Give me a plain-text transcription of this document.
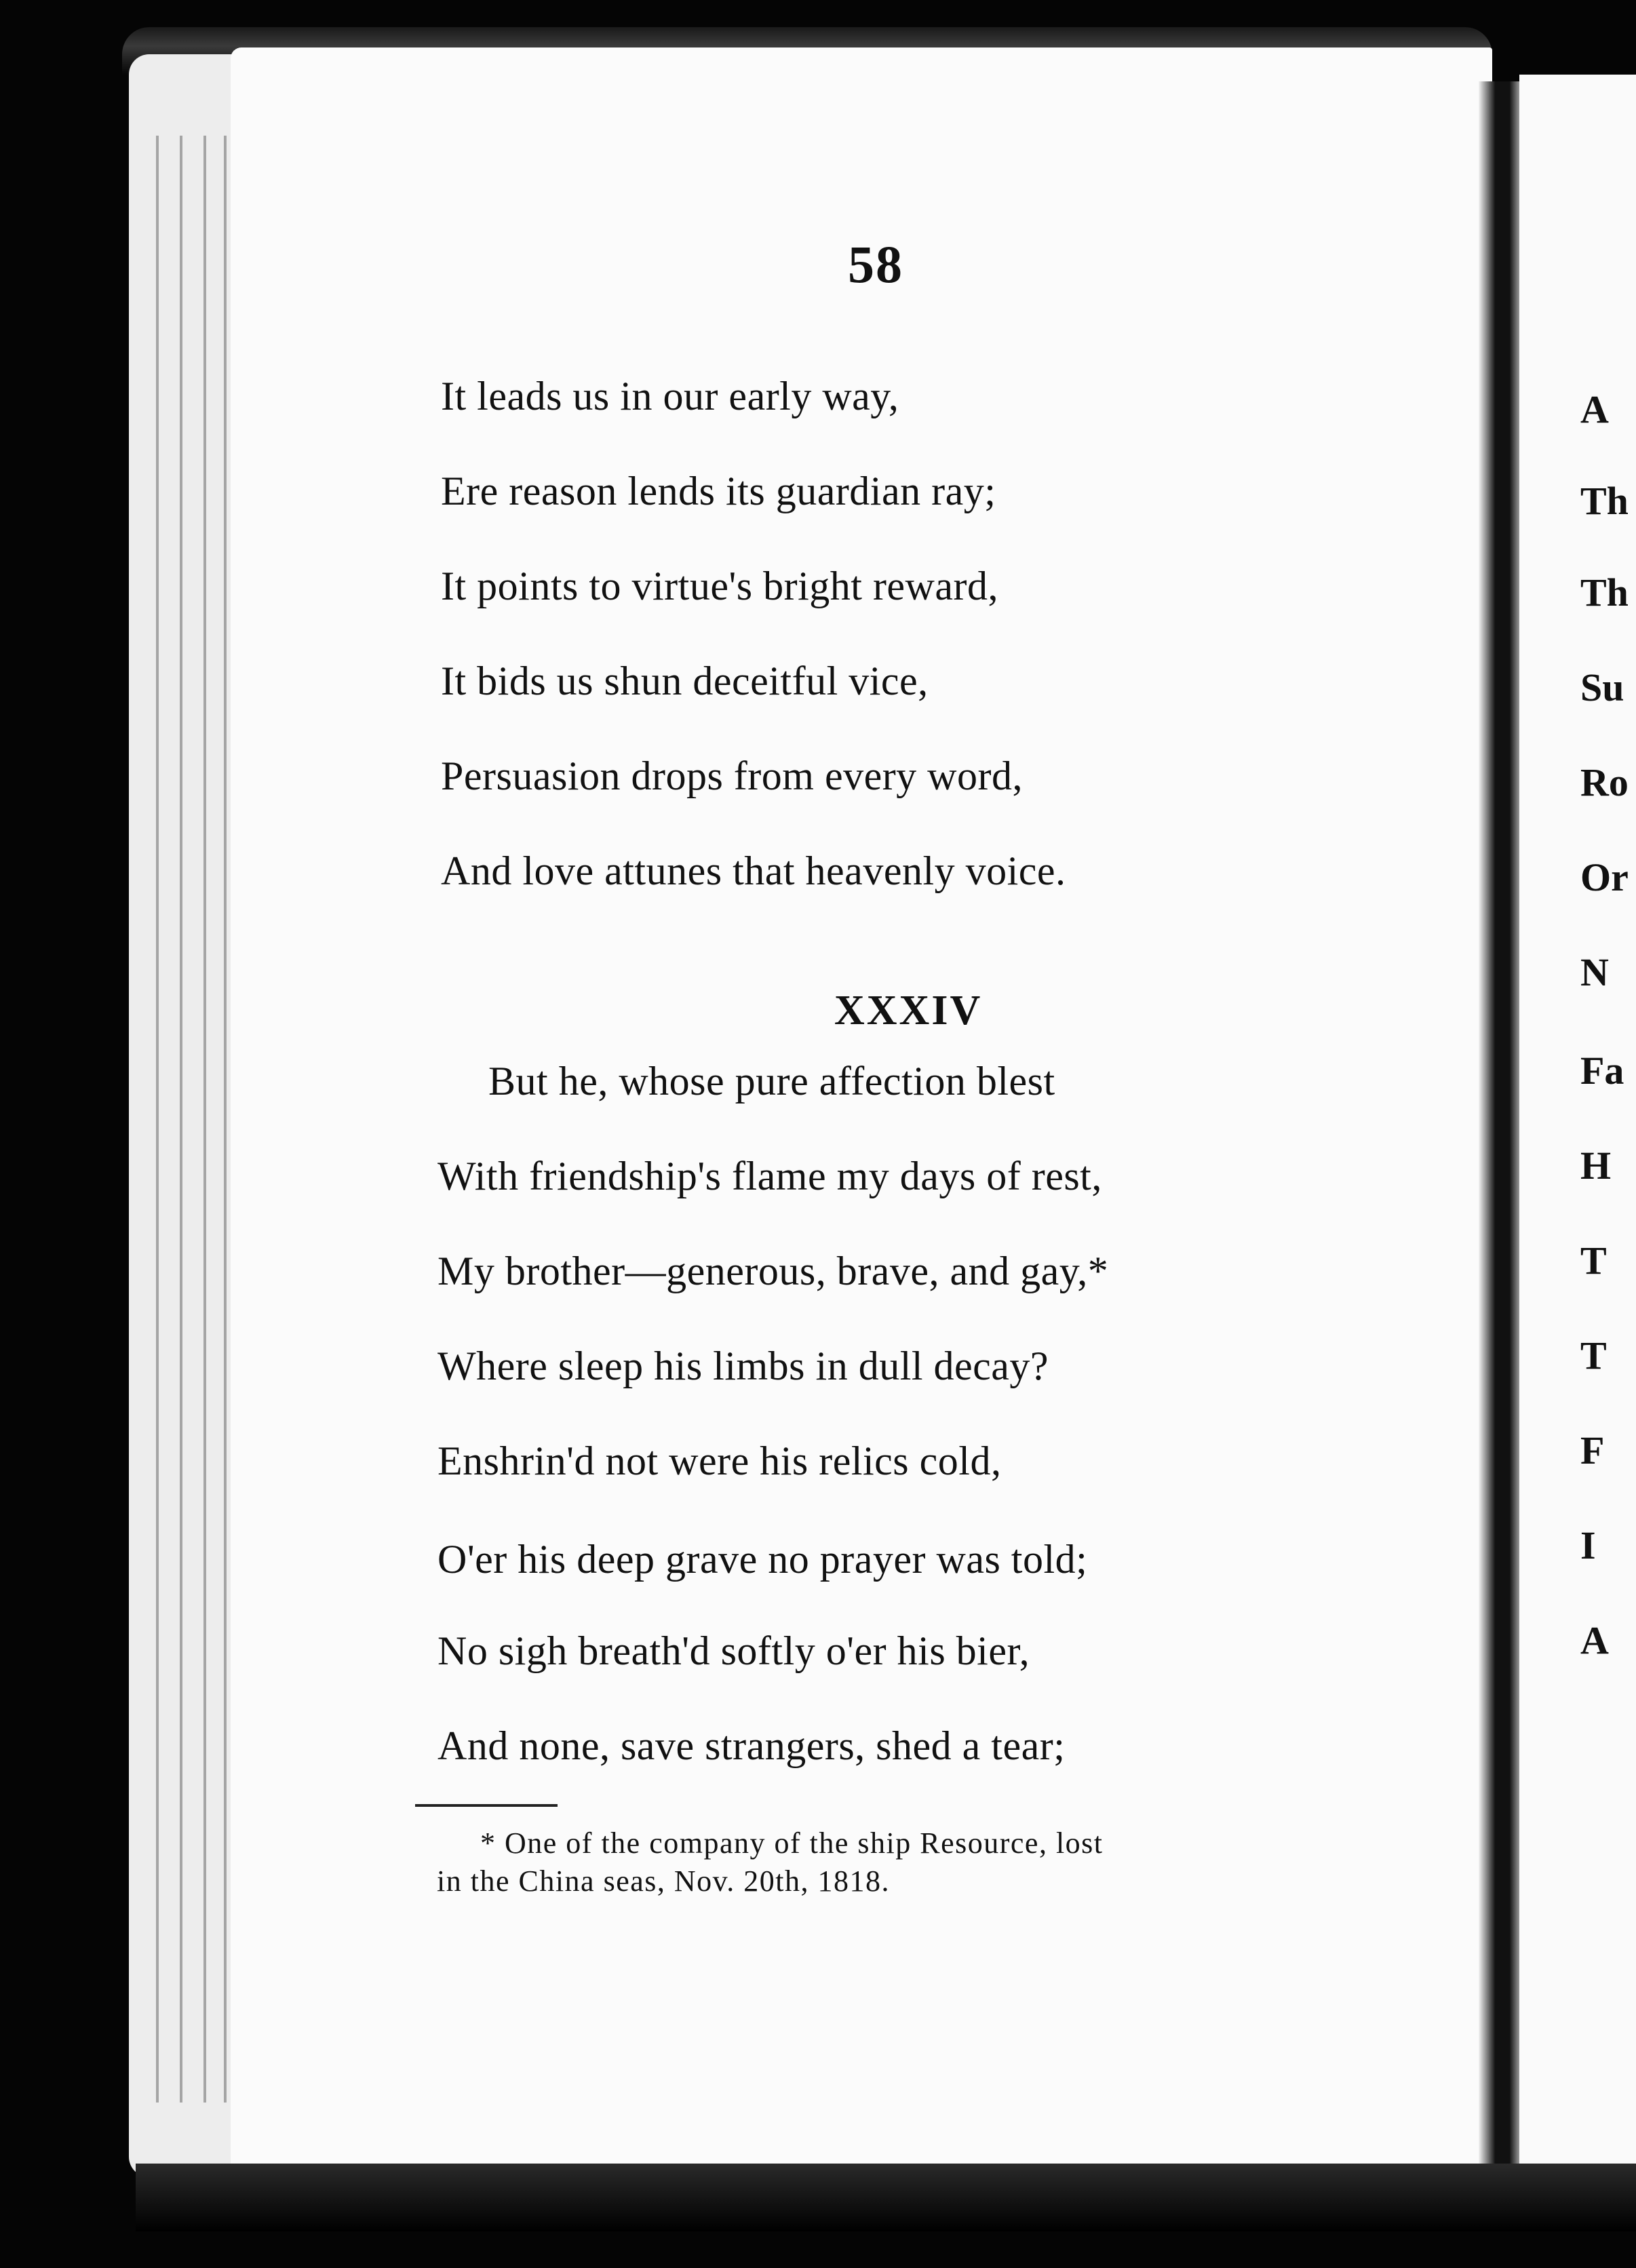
58
It leads us in our early way,
Ere reason lends its guardian ray;
It points to virtue's bright reward,
It bids us shun deceitful vice,
Persuasion drops from every word,
And love attunes that heavenly voice.
XXXIV
But he, whose pure affection blest
With friendship's flame my days of rest,
My brother—generous, brave, and gay,*
Where sleep his limbs in dull decay?
Enshrin'd not were his relics cold,
O'er his deep grave no prayer was told;
No sigh breath'd softly o'er his bier,
And none, save strangers, shed a tear;
* One of the company of the ship Resource, lost
in the China seas, Nov. 20th, 1818.
A
Th
Th
Su
Ro
Or
N
Fa
H
T
T
F
I
A
